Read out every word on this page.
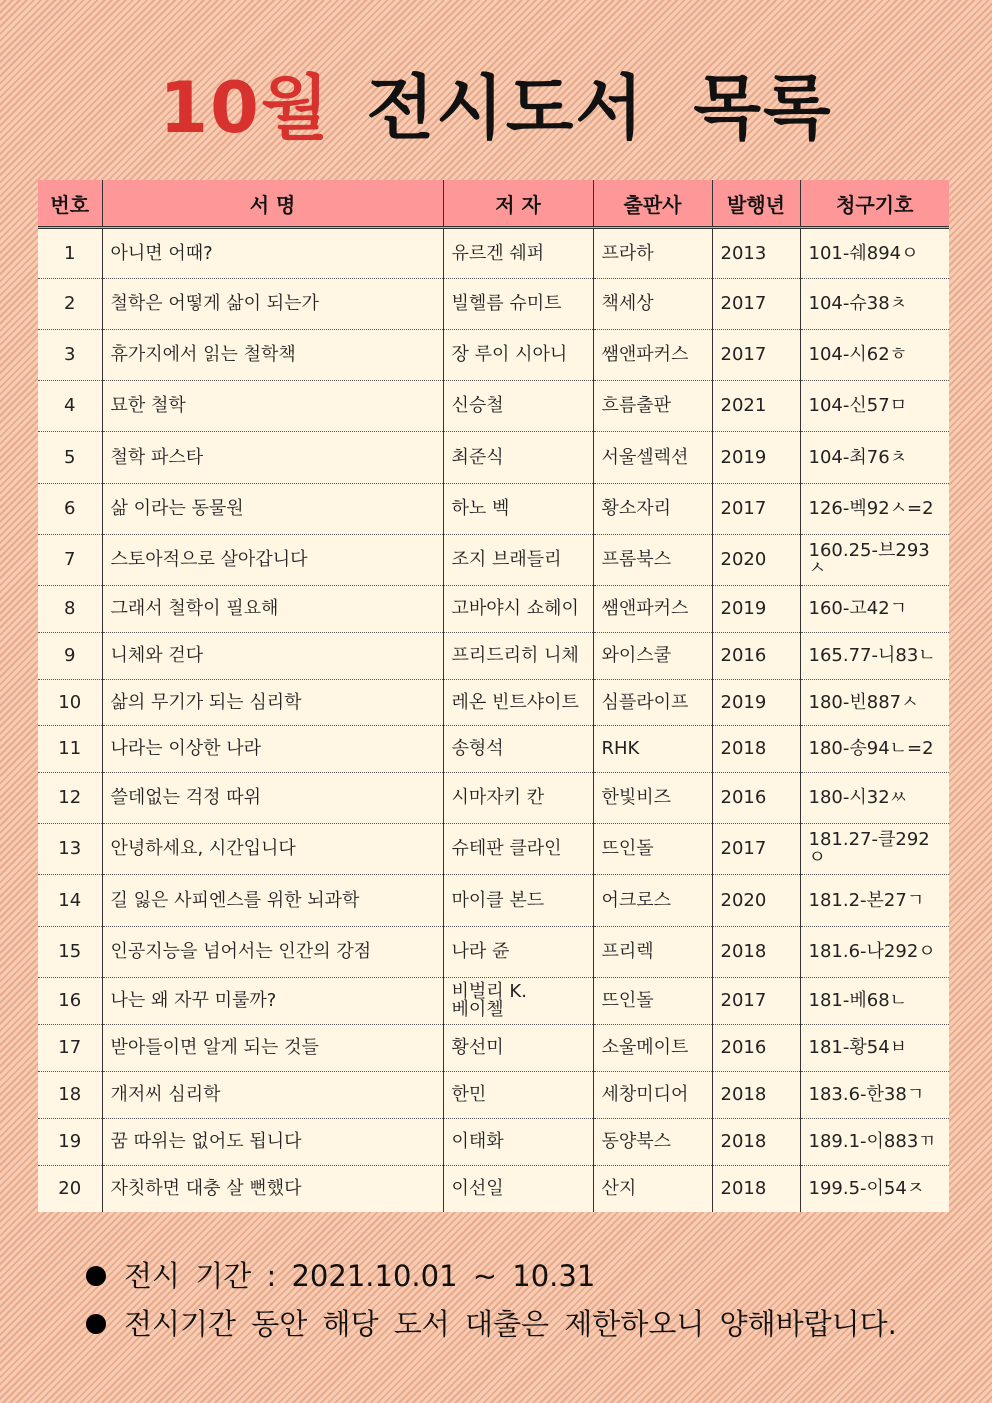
10월 전시도서 목록
번호	서 명	저 자	출판사	발행년	청구기호
1	아니면 어때?	유르겐 쉐퍼	프라하	2013	101-쉐894ㅇ
2	철학은 어떻게 삶이 되는가	빌헬름 슈미트	책세상	2017	104-슈38ㅊ
3	휴가지에서 읽는 철학책	장 루이 시아니	쌤앤파커스	2017	104-시62ㅎ
4	묘한 철학	신승철	흐름출판	2021	104-신57ㅁ
5	철학 파스타	최준식	서울셀렉션	2019	104-최76ㅊ
6	삶 이라는 동물원	하노 벡	황소자리	2017	126-벡92ㅅ=2
7	스토아적으로 살아갑니다	조지 브래들리	프롬북스	2020	160.25-브293ㅅ
8	그래서 철학이 필요해	고바야시 쇼헤이	쌤앤파커스	2019	160-고42ㄱ
9	니체와 걷다	프리드리히 니체	와이스쿨	2016	165.77-니83ㄴ
10	삶의 무기가 되는 심리학	레온 빈트샤이트	심플라이프	2019	180-빈887ㅅ
11	나라는 이상한 나라	송형석	RHK	2018	180-송94ㄴ=2
12	쓸데없는 걱정 따위	시마자키 칸	한빛비즈	2016	180-시32ㅆ
13	안녕하세요, 시간입니다	슈테판 클라인	뜨인돌	2017	181.27-클292ㅇ
14	길 잃은 사피엔스를 위한 뇌과학	마이클 본드	어크로스	2020	181.2-본27ㄱ
15	인공지능을 넘어서는 인간의 강점	나라 쥰	프리렉	2018	181.6-나292ㅇ
16	나는 왜 자꾸 미룰까?	비벌리 K. 베이첼	뜨인돌	2017	181-베68ㄴ
17	받아들이면 알게 되는 것들	황선미	소울메이트	2016	181-황54ㅂ
18	개저씨 심리학	한민	세창미디어	2018	183.6-한38ㄱ
19	꿈 따위는 없어도 됩니다	이태화	동양북스	2018	189.1-이883ㄲ
20	자칫하면 대충 살 뻔했다	이선일	산지	2018	199.5-이54ㅈ
전시 기간 : 2021.10.01 ~ 10.31
전시기간 동안 해당 도서 대출은 제한하오니 양해바랍니다.
